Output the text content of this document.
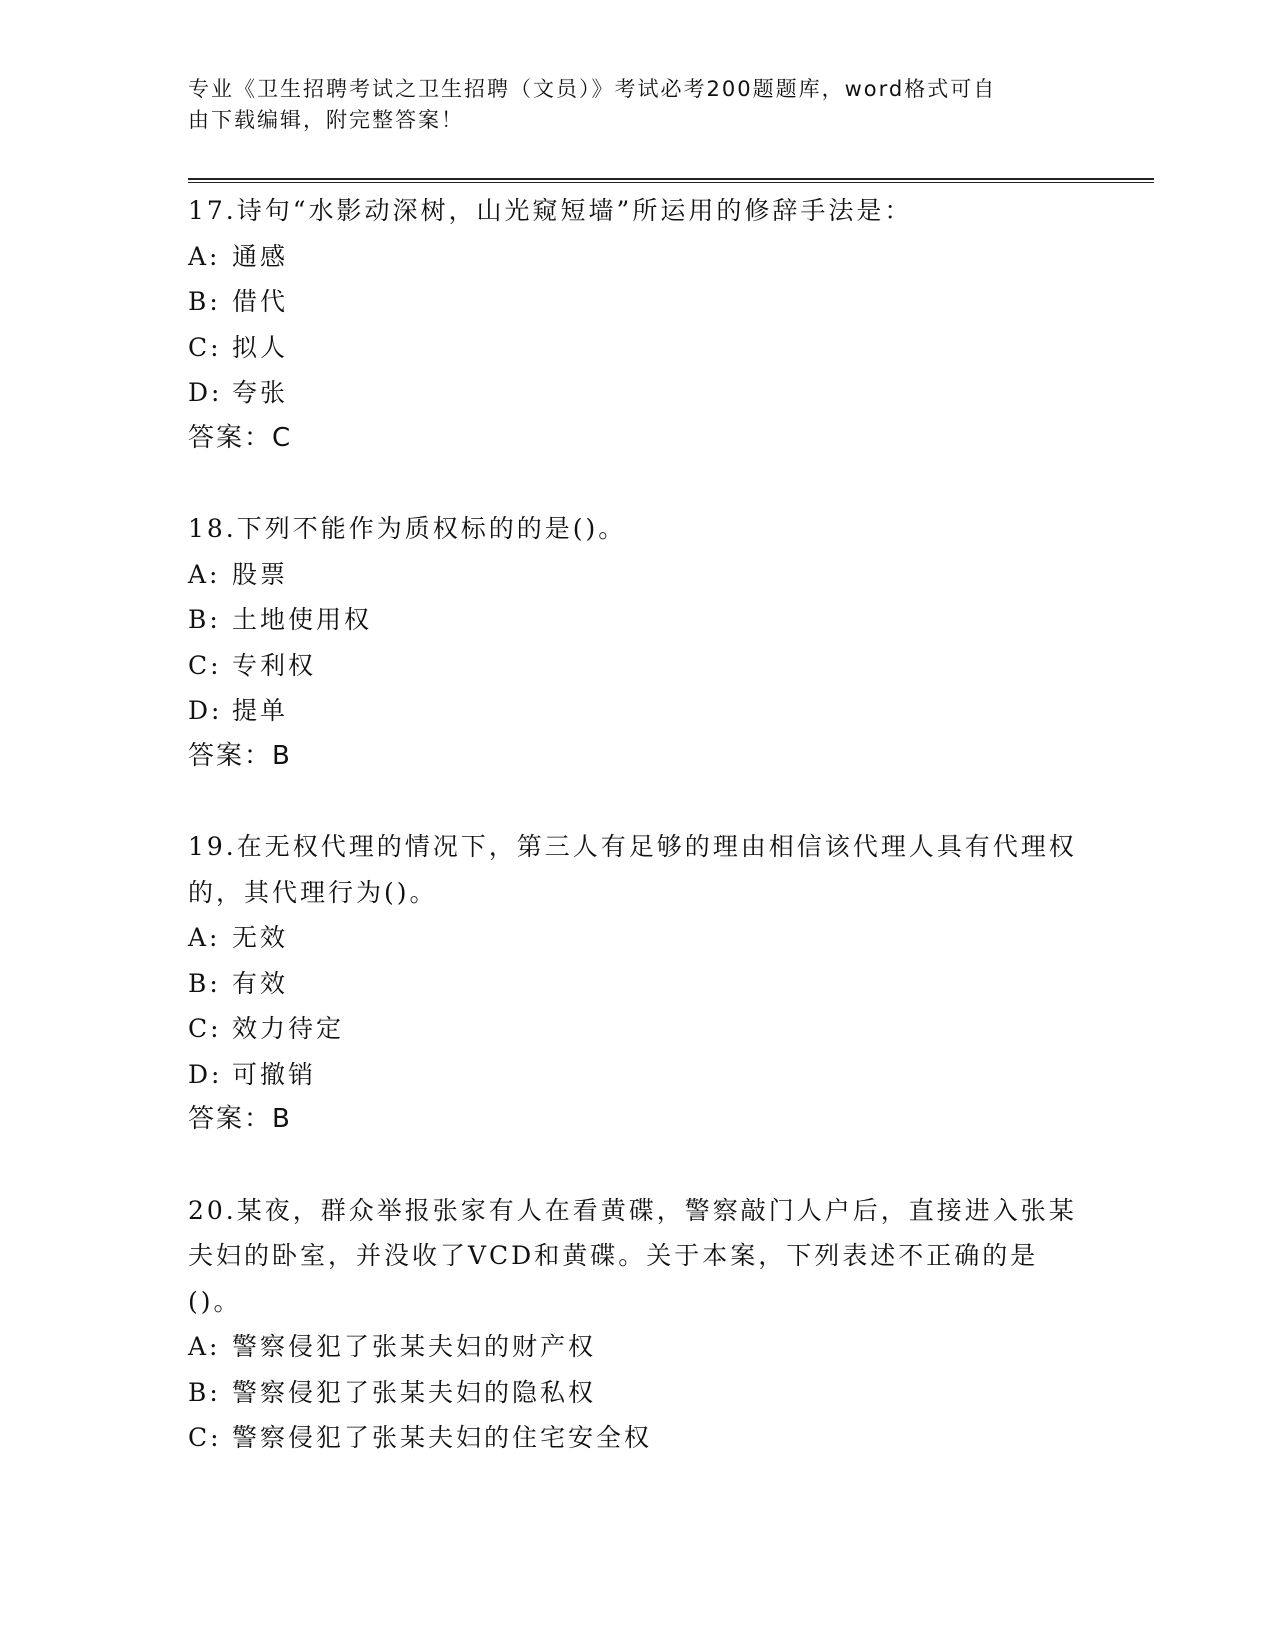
专业《卫生招聘考试之卫生招聘（文员）》考试必考200题题库，word格式可自
由下载编辑，附完整答案！
17.诗句“水影动深树，山光窥短墙”所运用的修辞手法是：
A: 通感
B: 借代
C: 拟人
D: 夸张
答案：C
18.下列不能作为质权标的的是()。
A: 股票
B: 土地使用权
C: 专利权
D: 提单
答案：B
19.在无权代理的情况下，第三人有足够的理由相信该代理人具有代理权的，其代理行为()。
A: 无效
B: 有效
C: 效力待定
D: 可撤销
答案：B
20.某夜，群众举报张家有人在看黄碟，警察敲门人户后，直接进入张某夫妇的卧室，并没收了VCD和黄碟。关于本案，下列表述不正确的是()。
A: 警察侵犯了张某夫妇的财产权
B: 警察侵犯了张某夫妇的隐私权
C: 警察侵犯了张某夫妇的住宅安全权
